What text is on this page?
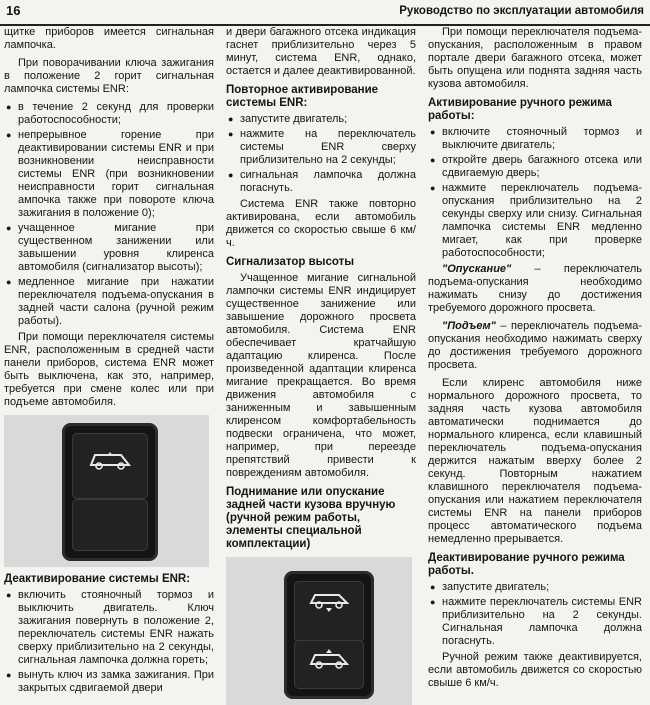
16	Руководство по эксплуатации автомобиля

щитке приборов имеется сигнальная лампочка.

При поворачивании ключа зажигания в положение 2 горит сигнальная лампочка системы ENR:

● в течение 2 секунд для проверки работоспособности;
● непрерывное горение при деактивировании системы ENR и при возникновении неисправности системы ENR (при возникновении неисправности горит сигнальная ампочка также при повороте ключа зажигания в положение 0);
● учащенное мигание при существенном занижении или завышении уровня клиренса автомобиля (сигнализатор высоты);
● медленное мигание при нажатии переключателя подъема-опускания в задней части салона (ручной режим работы).

При помощи переключателя системы ENR, расположенным в средней части панели приборов, система ENR может быть выключена, как это, например, требуется при смене колес или при подъеме автомобиля.

Деактивирование системы ENR:
● включить стояночный тормоз и выключить двигатель. Ключ зажигания повернуть в положение 2, переключатель системы ENR нажать сверху приблизительно на 2 секунды, сигнальная лампочка должна гореть;
● вынуть ключ из замка зажигания. При закрытых сдвигаемой двери

и двери багажного отсека индикация гаснет приблизительно через 5 минут, система ENR, однако, остается и далее деактивированной.

Повторное активирование системы ENR:
● запустите двигатель;
● нажмите на переключатель системы ENR сверху приблизительно на 2 секунды;
● сигнальная лампочка должна погаснуть.

Система ENR также повторно активирована, если автомобиль движется со скоростью свыше 6 км/ч.

Сигнализатор высоты

Учащенное мигание сигнальной лампочки системы ENR индицирует существенное занижение или завышение дорожного просвета автомобиля. Система ENR обеспечивает кратчайшую адаптацию клиренса. После произведенной адаптации клиренса мигание прекращается. Во время движения автомобиля с заниженным и завышенным клиренсом комфортабельность подвески ограничена, что может, например, при переезде препятствий привести к повреждениям автомобиля.

Поднимание или опускание задней части кузова вручную (ручной режим работы, элементы специальной комплектации)

При помощи переключателя подъема-опускания, расположенным в правом портале двери багажного отсека, может быть опущена или поднята задняя часть кузова автомобиля.

Активирование ручного режима работы:
● включите стояночный тормоз и выключите двигатель;
● откройте дверь багажного отсека или сдвигаемую дверь;
● нажмите переключатель подъема-опускания приблизительно на 2 секунды сверху или снизу. Сигнальная лампочка системы ENR медленно мигает, как при проверке работоспособности;

"Опускание" – переключатель подъема-опускания необходимо нажимать снизу до достижения требуемого дорожного просвета.

"Подъем" – переключатель подъема-опускания необходимо нажимать сверху до достижения требуемого дорожного просвета.

Если клиренс автомобиля ниже нормального дорожного просвета, то задняя часть кузова автомобиля автоматически поднимается до нормального клиренса, если клавишный переключатель подъема-опускания держится нажатым вверху более 2 секунд. Повторным нажатием клавишного переключателя подъема-опускания или нажатием переключателя системы ENR на панели приборов процесс автоматического подъема немедленно прерывается.

Деактивирование ручного режима работы.
● запустите двигатель;
● нажмите переключатель системы ENR приблизительно на 2 секунды. Сигнальная лампочка должна погаснуть.

Ручной режим также деактивируется, если автомобиль движется со скоростью свыше 6 км/ч.
